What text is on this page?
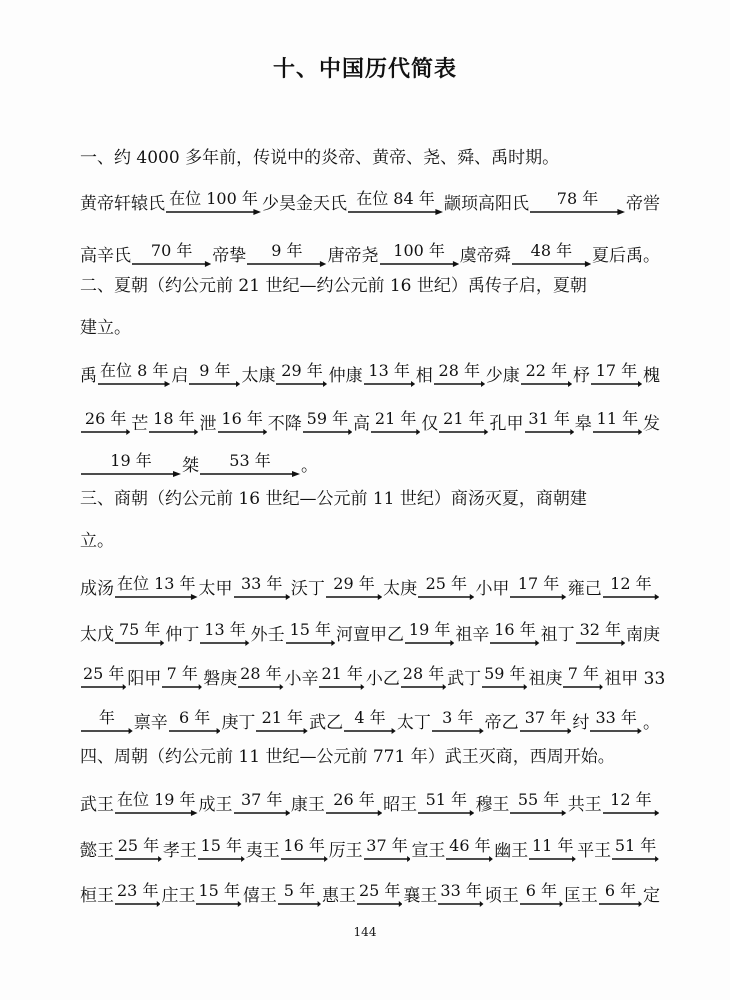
十、中国历代简表
一、约 4000 多年前，传说中的炎帝、黄帝、尧、舜、禹时期。
黄帝轩辕氏 在位 100 年 少昊金天氏 在位 84 年 颛顼高阳氏 78 年 帝喾
高辛氏 70 年 帝挚 9 年 唐帝尧 100 年 虞帝舜 48 年 夏后禹。
二、夏朝（约公元前 21 世纪—约公元前 16 世纪）禹传子启，夏朝
建立。
禹 在位 8 年 启 9 年 太康 29 年 仲康 13 年 相 28 年 少康 22 年 杼 17 年 槐
26 年 芒 18 年 泄 16 年 不降 59 年 高 21 年 仅 21 年 孔甲 31 年 皋 11 年 发
19 年 桀 53 年 。
三、商朝（约公元前 16 世纪—公元前 11 世纪）商汤灭夏，商朝建
立。
成汤 在位 13 年 太甲 33 年 沃丁 29 年 太庚 25 年 小甲 17 年 雍己 12 年
太戊 75 年 仲丁 13 年 外壬 15 年 河亶甲乙 19 年 祖辛 16 年 祖丁 32 年 南庚
25 年 阳甲 7 年 磐庚 28 年 小辛 21 年 小乙 28 年 武丁 59 年 祖庚 7 年 祖甲 33
年 禀辛 6 年 庚丁 21 年 武乙 4 年 太丁 3 年 帝乙 37 年 纣 33 年 。
四、周朝（约公元前 11 世纪—公元前 771 年）武王灭商，西周开始。
武王 在位 19 年 成王 37 年 康王 26 年 昭王 51 年 穆王 55 年 共王 12 年
懿王 25 年 孝王 15 年 夷王 16 年 厉王 37 年 宣王 46 年 幽王 11 年 平王 51 年
桓王 23 年 庄王 15 年 僖王 5 年 惠王 25 年 襄王 33 年 顷王 6 年 匡王 6 年 定
144
